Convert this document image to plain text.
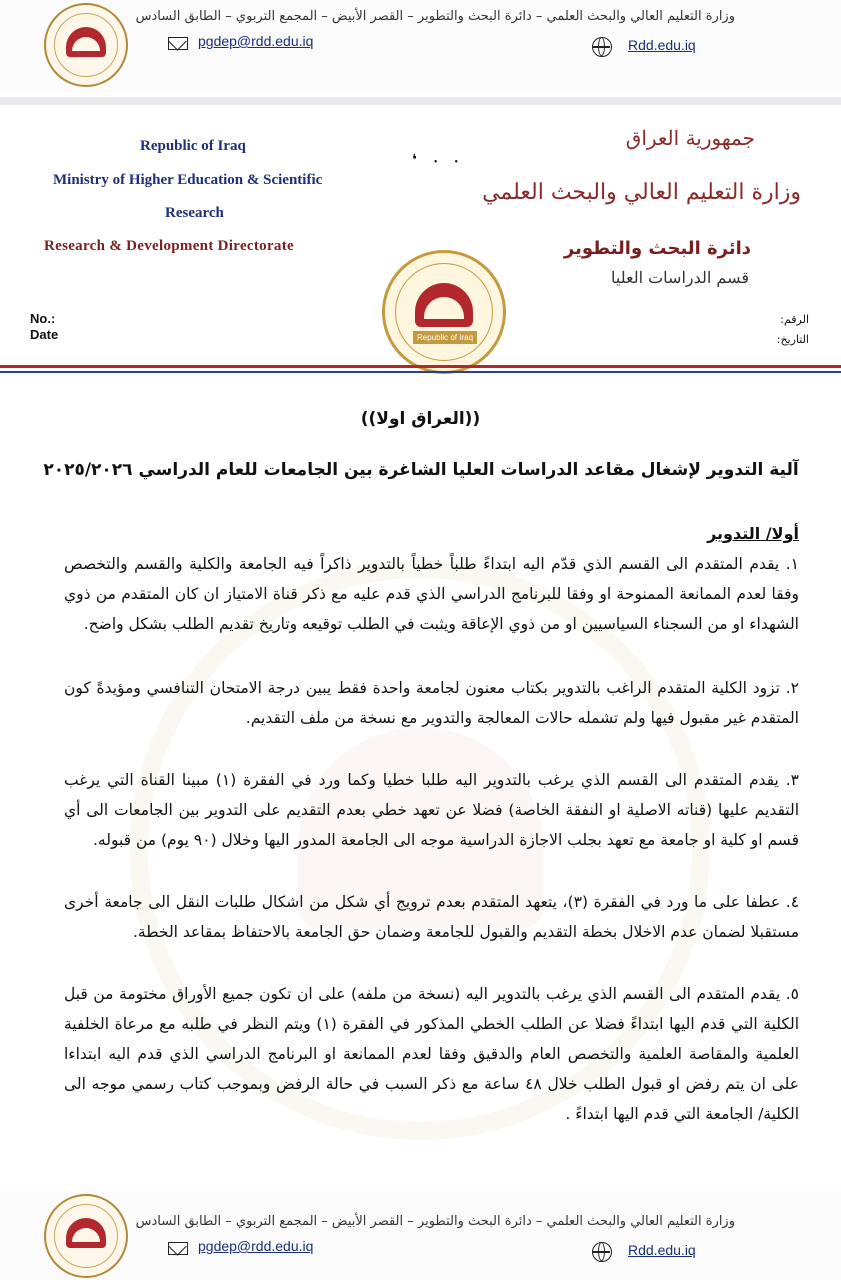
وزارة التعليم العالي والبحث العلمي – دائرة البحث والتطوير – القصر الأبيض – المجمع التربوي – الطابق السادس
pgdep@rdd.edu.iq	Rdd.edu.iq
Republic of Iraq
Ministry of Higher Education & Scientific
Research
Research & Development Directorate
❛ ⸳ ⸳
جمهورية العراق
وزارة التعليم العالي والبحث العلمي
دائرة البحث والتطوير
قسم الدراسات العليا
Republic of Iraq
No.:
Date
الرقم:
التاريخ:
((العراق اولا))
آلية التدوير لإشغال مقاعد الدراسات العليا الشاغرة بين الجامعات للعام الدراسي ٢٠٢٥/٢٠٢٦
أولا/ التدوير

١. يقدم المتقدم الى القسم الذي قدّم اليه ابتداءً طلباً خطياً بالتدوير ذاكراً فيه الجامعة والكلية والقسم والتخصص وفقا لعدم الممانعة الممنوحة او وفقا للبرنامج الدراسي الذي قدم عليه مع ذكر قناة الامتياز ان كان المتقدم من ذوي الشهداء او من السجناء السياسيين او من ذوي الإعاقة ويثبت في الطلب توقيعه وتاريخ تقديم الطلب بشكل واضح.

٢. تزود الكلية المتقدم الراغب بالتدوير بكتاب معنون لجامعة واحدة فقط يبين درجة الامتحان التنافسي ومؤيدةً كون المتقدم غير مقبول فيها ولم تشمله حالات المعالجة والتدوير مع نسخة من ملف التقديم.

٣. يقدم المتقدم الى القسم الذي يرغب بالتدوير اليه طلبا خطيا وكما ورد في الفقرة (١) مبينا القناة التي يرغب التقديم عليها (قناته الاصلية او النفقة الخاصة) فضلا عن تعهد خطي بعدم التقديم على التدوير بين الجامعات الى أي قسم او كلية او جامعة مع تعهد بجلب الاجازة الدراسية موجه الى الجامعة المدور اليها وخلال (٩٠ يوم) من قبوله.

٤. عطفا على ما ورد في الفقرة (٣)، يتعهد المتقدم بعدم ترويج أي شكل من اشكال طلبات النقل الى جامعة أخرى مستقبلا لضمان عدم الاخلال بخطة التقديم والقبول للجامعة وضمان حق الجامعة بالاحتفاظ بمقاعد الخطة.

٥. يقدم المتقدم الى القسم الذي يرغب بالتدوير اليه (نسخة من ملفه) على ان تكون جميع الأوراق مختومة من قبل الكلية التي قدم اليها ابتداءً فضلا عن الطلب الخطي المذكور في الفقرة (١) ويتم النظر في طلبه مع مرعاة الخلفية العلمية والمقاصة العلمية والتخصص العام والدقيق وفقا لعدم الممانعة او البرنامج الدراسي الذي قدم اليه ابتداءا على ان يتم رفض او قبول الطلب خلال ٤٨ ساعة مع ذكر السبب في حالة الرفض وبموجب كتاب رسمي موجه الى الكلية/ الجامعة التي قدم اليها ابتداءً .

وزارة التعليم العالي والبحث العلمي – دائرة البحث والتطوير – القصر الأبيض – المجمع التربوي – الطابق السادس
pgdep@rdd.edu.iq	Rdd.edu.iq
